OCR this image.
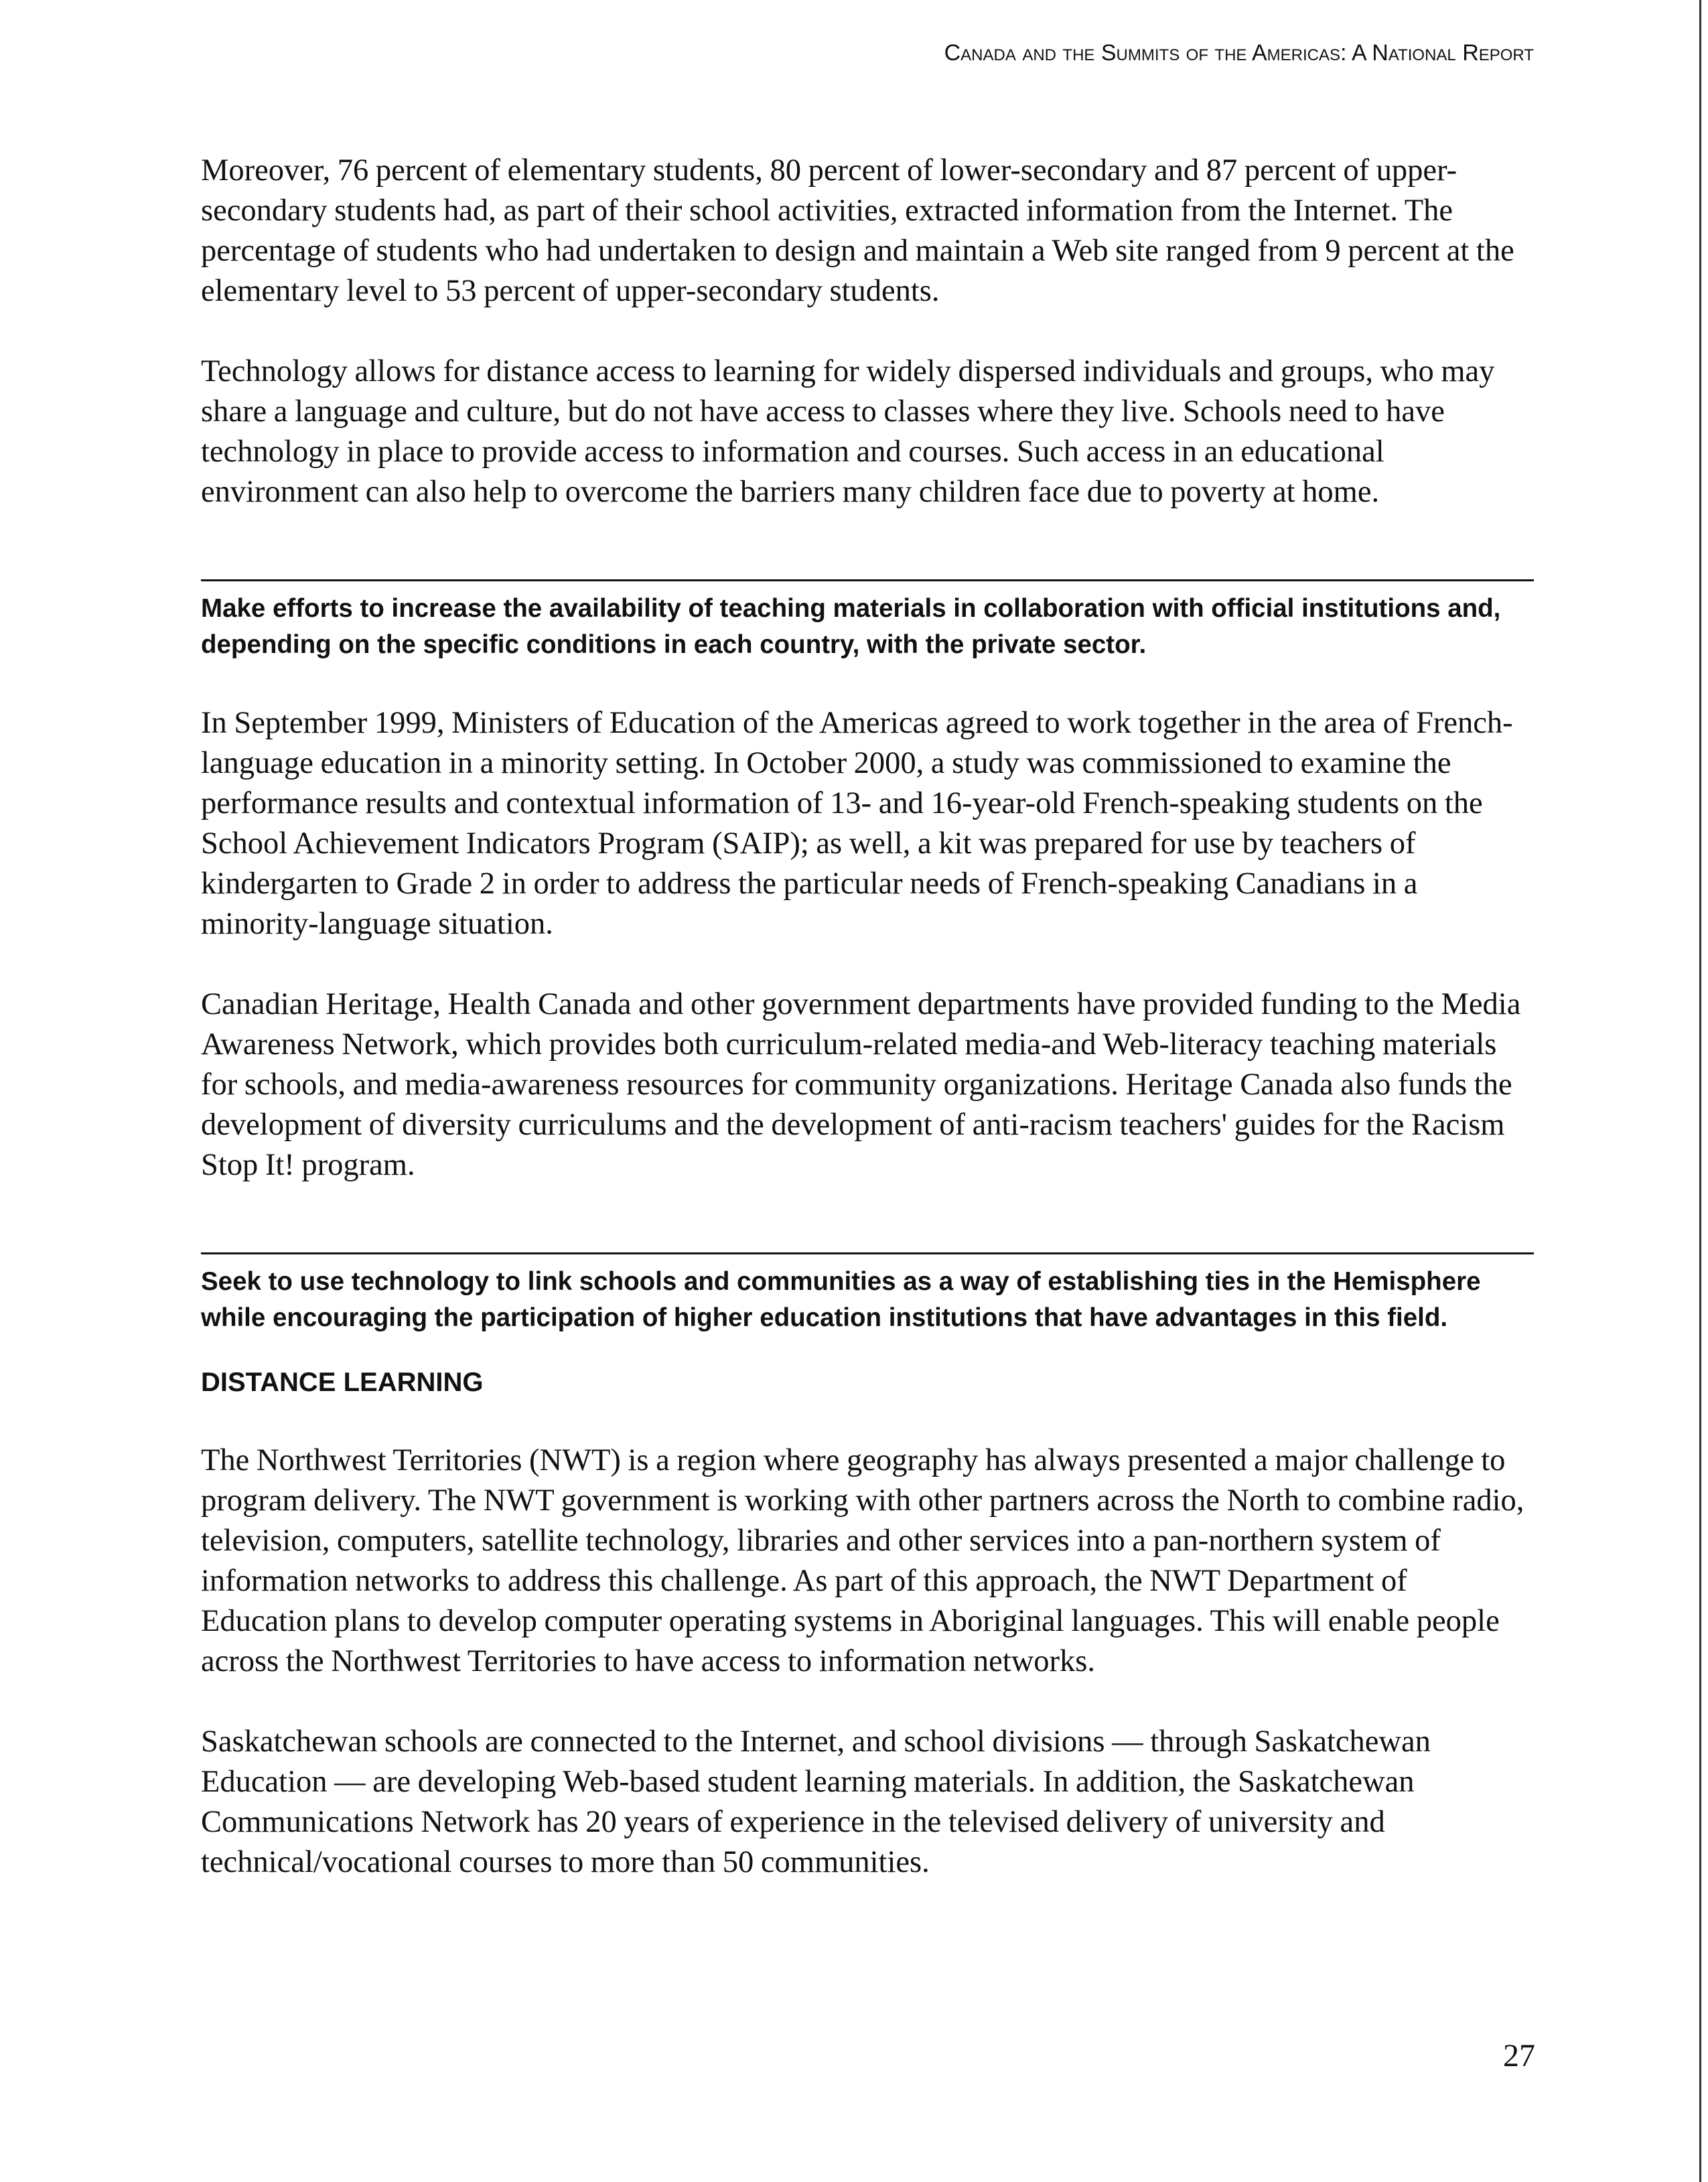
Canada and the Summits of the Americas: A National Report

Moreover, 76 percent of elementary students, 80 percent of lower-secondary and 87 percent of upper-secondary students had, as part of their school activities, extracted information from the Internet. The percentage of students who had undertaken to design and maintain a Web site ranged from 9 percent at the elementary level to 53 percent of upper-secondary students.

Technology allows for distance access to learning for widely dispersed individuals and groups, who may share a language and culture, but do not have access to classes where they live. Schools need to have technology in place to provide access to information and courses. Such access in an educational environment can also help to overcome the barriers many children face due to poverty at home.

Make efforts to increase the availability of teaching materials in collaboration with official institutions and, depending on the specific conditions in each country, with the private sector.

In September 1999, Ministers of Education of the Americas agreed to work together in the area of French-language education in a minority setting. In October 2000, a study was commissioned to examine the performance results and contextual information of 13- and 16-year-old French-speaking students on the School Achievement Indicators Program (SAIP); as well, a kit was prepared for use by teachers of kindergarten to Grade 2 in order to address the particular needs of French-speaking Canadians in a minority-language situation.

Canadian Heritage, Health Canada and other government departments have provided funding to the Media Awareness Network, which provides both curriculum-related media-and Web-literacy teaching materials for schools, and media-awareness resources for community organizations. Heritage Canada also funds the development of diversity curriculums and the development of anti-racism teachers' guides for the Racism Stop It! program.

Seek to use technology to link schools and communities as a way of establishing ties in the Hemisphere while encouraging the participation of higher education institutions that have advantages in this field.

DISTANCE LEARNING

The Northwest Territories (NWT) is a region where geography has always presented a major challenge to program delivery. The NWT government is working with other partners across the North to combine radio, television, computers, satellite technology, libraries and other services into a pan-northern system of information networks to address this challenge. As part of this approach, the NWT Department of Education plans to develop computer operating systems in Aboriginal languages. This will enable people across the Northwest Territories to have access to information networks.

Saskatchewan schools are connected to the Internet, and school divisions — through Saskatchewan Education — are developing Web-based student learning materials. In addition, the Saskatchewan Communications Network has 20 years of experience in the televised delivery of university and technical/vocational courses to more than 50 communities.

27
